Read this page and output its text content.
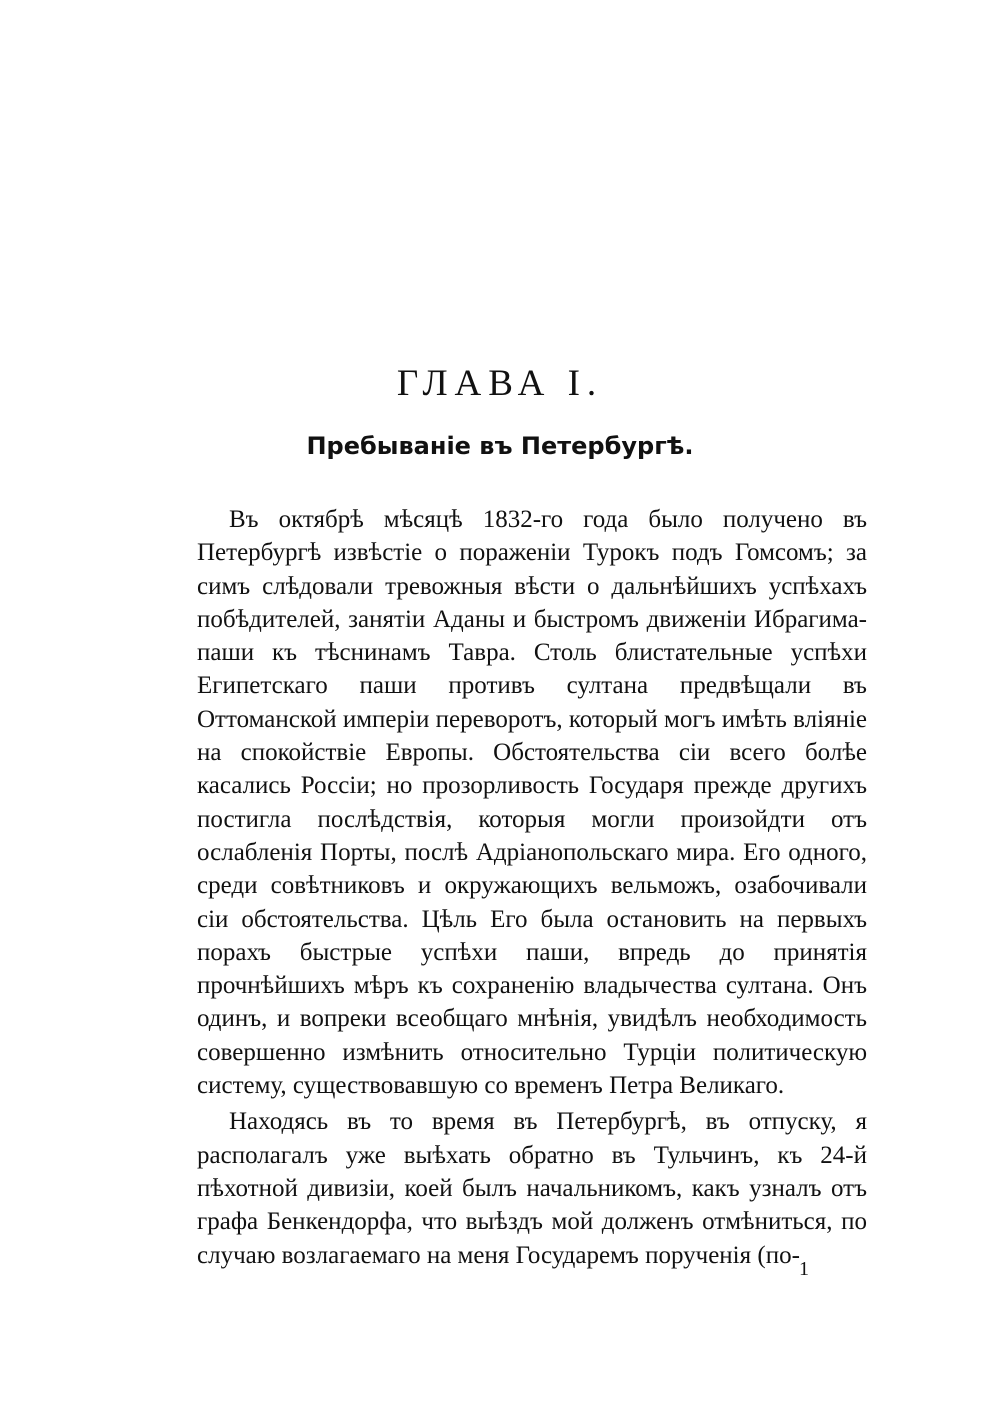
ГЛАВА I.
Пребываніе въ Петербургѣ.

Въ октябрѣ мѣсяцѣ 1832-го года было получено въ Петербургѣ извѣстіе о пораженіи Турокъ подъ Гомсомъ; за симъ слѣдовали тревожныя вѣсти о дальнѣйшихъ успѣхахъ побѣдителей, занятіи Аданы и быстромъ движеніи Ибрагима-паши къ тѣснинамъ Тавра. Столь блистательные успѣхи Египетскаго паши противъ султана предвѣщали въ Оттоманской имперіи переворотъ, который могъ имѣть вліяніе на спокойствіе Европы. Обстоятельства сіи всего болѣе касались Россіи; но прозорливость Государя прежде другихъ постигла послѣдствія, которыя могли произойдти отъ ослабленія Порты, послѣ Адріанопольскаго мира. Его одного, среди совѣтниковъ и окружающихъ вельможъ, озабочивали сіи обстоятельства. Цѣль Его была остановить на первыхъ порахъ быстрые успѣхи паши, впредь до принятія прочнѣйшихъ мѣръ къ сохраненію владычества султана. Онъ одинъ, и вопреки всеобщаго мнѣнія, увидѣлъ необходимость совершенно измѣнить относительно Турціи политическую систему, существовавшую со временъ Петра Великаго.

Находясь въ то время въ Петербургѣ, въ отпуску, я располагалъ уже выѣхать обратно въ Тульчинъ, къ 24-й пѣхотной дивизіи, коей былъ начальникомъ, какъ узналъ отъ графа Бенкендорфа, что выѣздъ мой долженъ отмѣниться, по случаю возлагаемаго на меня Государемъ порученія (по-

1
